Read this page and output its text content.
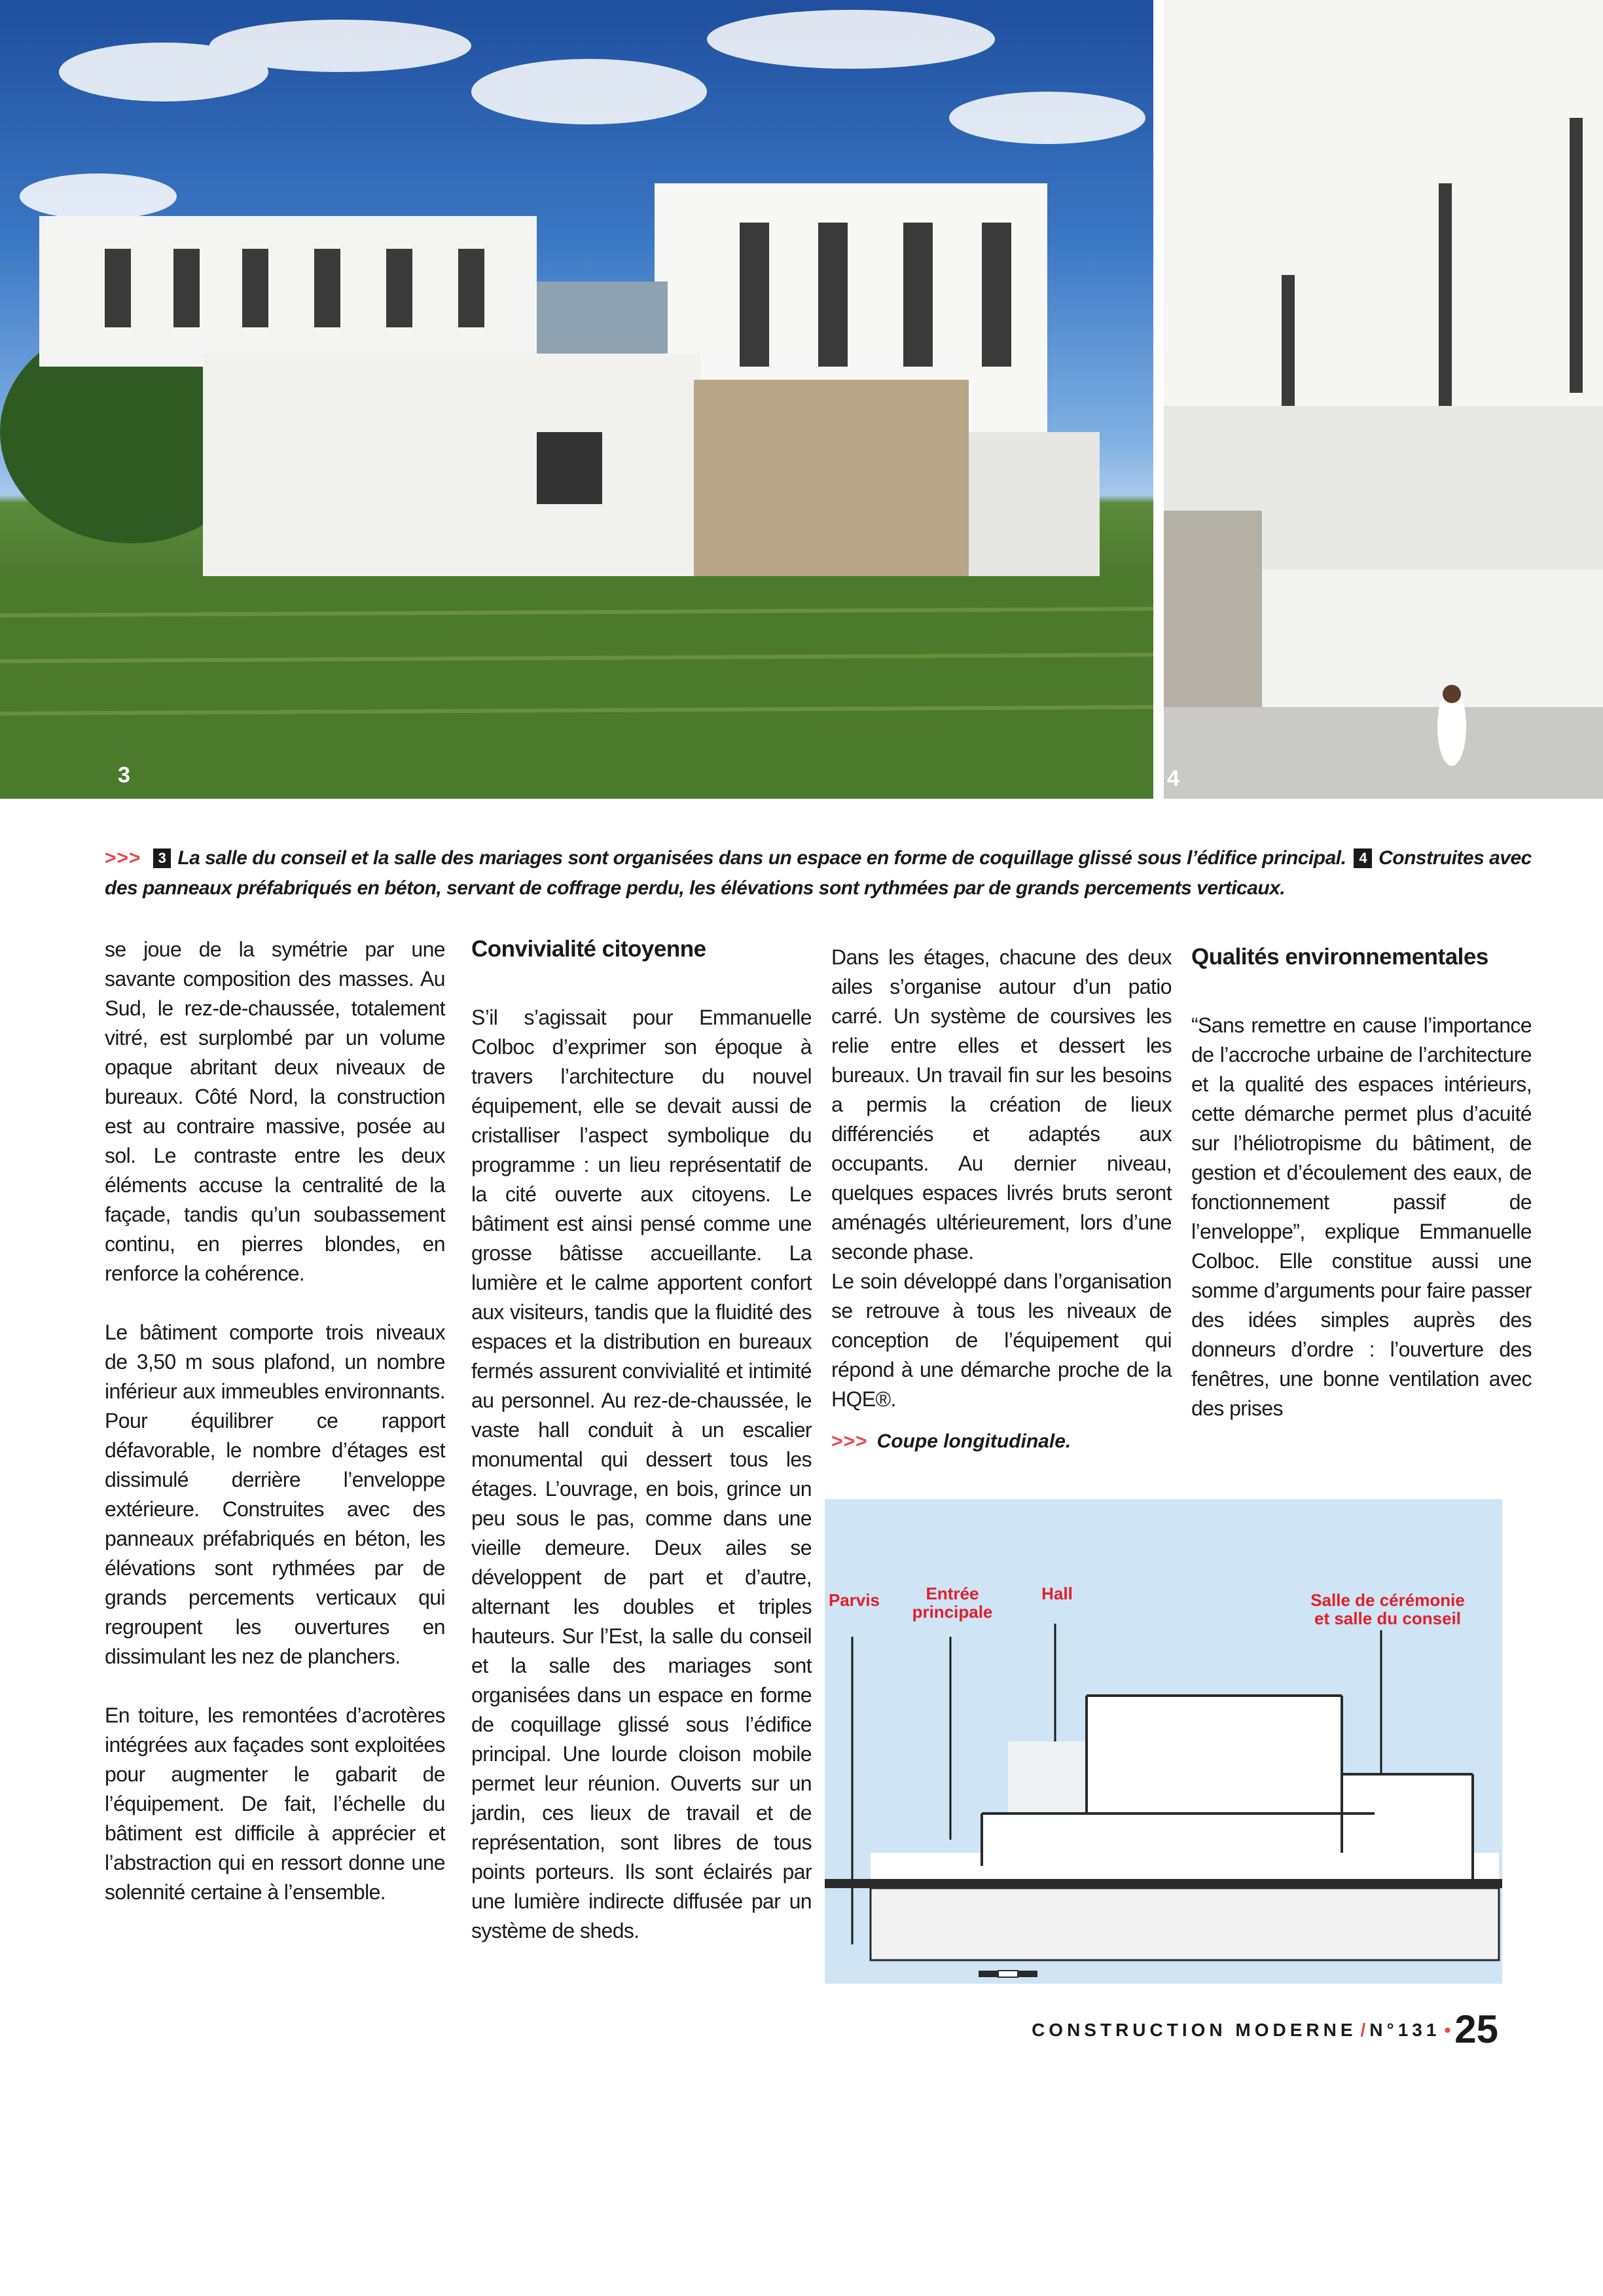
3	4
>>> 3 La salle du conseil et la salle des mariages sont organisées dans un espace en forme de coquillage glissé sous l’édifice principal. 4 Construites avec des panneaux préfabriqués en béton, servant de coffrage perdu, les élévations sont rythmées par de grands percements verticaux.

se joue de la symétrie par une savante composition des masses. Au Sud, le rez-de-chaussée, totalement vitré, est surplombé par un volume opaque abritant deux niveaux de bureaux. Côté Nord, la construction est au contraire massive, posée au sol. Le contraste entre les deux éléments accuse la centralité de la façade, tandis qu’un soubassement continu, en pierres blondes, en renforce la cohérence.

Le bâtiment comporte trois niveaux de 3,50 m sous plafond, un nombre inférieur aux immeubles environnants. Pour équilibrer ce rapport défavorable, le nombre d’étages est dissimulé derrière l’enveloppe extérieure. Construites avec des panneaux préfabriqués en béton, les élévations sont rythmées par de grands percements verticaux qui regroupent les ouvertures en dissimulant les nez de planchers.

En toiture, les remontées d’acrotères intégrées aux façades sont exploitées pour augmenter le gabarit de l’équipement. De fait, l’échelle du bâtiment est difficile à apprécier et l’abstraction qui en ressort donne une solennité certaine à l’ensemble.

Convivialité citoyenne

S’il s’agissait pour Emmanuelle Colboc d’exprimer son époque à travers l’architecture du nouvel équipement, elle se devait aussi de cristalliser l’aspect symbolique du programme : un lieu représentatif de la cité ouverte aux citoyens. Le bâtiment est ainsi pensé comme une grosse bâtisse accueillante. La lumière et le calme apportent confort aux visiteurs, tandis que la fluidité des espaces et la distribution en bureaux fermés assurent convivialité et intimité au personnel. Au rez-de-chaussée, le vaste hall conduit à un escalier monumental qui dessert tous les étages. L’ouvrage, en bois, grince un peu sous le pas, comme dans une vieille demeure. Deux ailes se développent de part et d’autre, alternant les doubles et triples hauteurs. Sur l’Est, la salle du conseil et la salle des mariages sont organisées dans un espace en forme de coquillage glissé sous l’édifice principal. Une lourde cloison mobile permet leur réunion. Ouverts sur un jardin, ces lieux de travail et de représentation, sont libres de tous points porteurs. Ils sont éclairés par une lumière indirecte diffusée par un système de sheds.

Dans les étages, chacune des deux ailes s’organise autour d’un patio carré. Un système de coursives les relie entre elles et dessert les bureaux. Un travail fin sur les besoins a permis la création de lieux différenciés et adaptés aux occupants. Au dernier niveau, quelques espaces livrés bruts seront aménagés ultérieurement, lors d’une seconde phase.

Le soin développé dans l’organisation se retrouve à tous les niveaux de conception de l’équipement qui répond à une démarche proche de la HQE®.

Qualités environnementales

“Sans remettre en cause l’importance de l’accroche urbaine de l’architecture et la qualité des espaces intérieurs, cette démarche permet plus d’acuité sur l’héliotropisme du bâtiment, de gestion et d’écoulement des eaux, de fonctionnement passif de l’enveloppe”, explique Emmanuelle Colboc. Elle constitue aussi une somme d’arguments pour faire passer des idées simples auprès des donneurs d’ordre : l’ouverture des fenêtres, une bonne ventilation avec des prises

>>> Coupe longitudinale.
Parvis	Entrée
principale
Hall	Salle de cérémonie
et salle du conseil
CONSTRUCTION MODERNE / N°131 • 25
